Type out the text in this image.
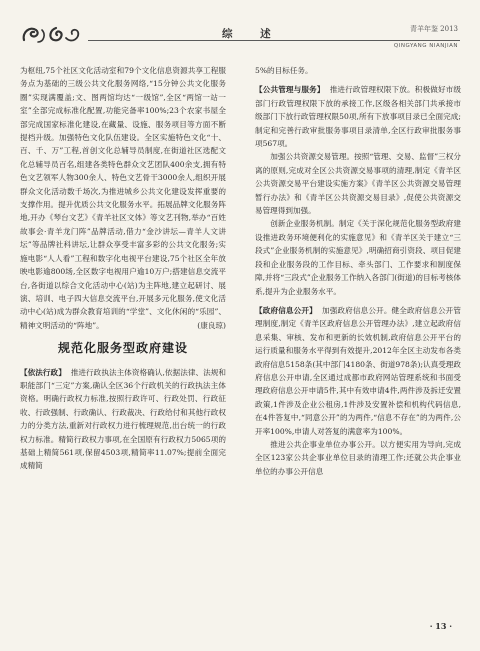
综 述	青羊年鉴 2013
QINGYANG NIANJIAN

为枢纽,75个社区文化活动室和79个文化信息资源共享工程服务点为基础的三级公共文化服务网络,“15分钟公共文化服务圈”实现满覆盖;文、图两馆均达“一级馆”,全区“两馆一站一室”全部完成标准化配置,功能完备率100%;23个农家书屋全部完成国家标准化建设,在藏量、设施、服务项目等方面不断提档升级。加强特色文化队伍建设。全区实施特色文化“十、百、千、万”工程,首创文化总辅导员制度,在街道社区选配文化总辅导员百名,组建各类特色群众文艺团队400余支,拥有特色文艺领军人物300余人、特色文艺骨干3000余人,组织开展群众文化活动数千场次,为推进城乡公共文化建设发挥重要的支撑作用。提升优质公共文化服务水平。拓展品牌文化服务阵地,开办《琴台文艺》《青羊社区文体》等文艺刊物,举办“百姓故事会·青羊龙门阵”品牌活动,借力“金沙讲坛—青羊人文讲坛”等品牌社科讲坛,让群众享受丰富多彩的公共文化服务;实施电影“人人看”工程和数字化电视平台建设,75个社区全年放映电影逾800场,全区数字电视用户逾10万户;搭建信息交流平台,各街道以综合文化活动中心(站)为主阵地,建立起研讨、展演、培训、电子四大信息交流平台,开展多元化服务,使文化活动中心(站)成为群众教育培训的“学堂”、文化休闲的“乐园”、精神文明活动的“阵地”。	(康良琼)

规范化服务型政府建设

【依法行政】 推进行政执法主体资格确认,依据法律、法规和职能部门“三定”方案,确认全区36个行政机关的行政执法主体资格。明确行政权力标准,按照行政许可、行政处罚、行政征收、行政强制、行政确认、行政裁决、行政给付和其他行政权力的分类方法,重新对行政权力进行梳理规范,出台统一的行政权力标准。精简行政权力事项,在全国原有行政权力5065项的基础上精简561项,保留4503项,精简率11.07%;提前全面完成精简

5%的目标任务。

【公共管理与服务】 推进行政管理权限下放。积极做好市级部门行政管理权限下放的承接工作,区级各相关部门共承接市级部门下放行政管理权限50项,所有下放事项目录已全面完成;制定和完善行政审批服务事项目录清单,全区行政审批服务事项567项。

加强公共资源交易管理。按照“管理、交易、监督”三权分离的原则,完成对全区公共资源交易事项的清理,制定《青羊区公共资源交易平台建设实施方案》《青羊区公共资源交易管理暂行办法》和《青羊区公共资源交易目录》,促使公共资源交易管理得到加强。

创新企业服务机制。制定《关于深化规范化服务型政府建设推进政务环境便利化的实施意见》和《青羊区关于建立“三段式”企业服务机制的实施意见》,明确招商引资段、项目促建段和企业服务段的工作目标、牵头部门、工作要求和制度保障,并将“三段式”企业服务工作纳入各部门(街道)的目标考核体系,提升为企业服务水平。

【政府信息公开】 加强政府信息公开。健全政府信息公开管理制度,制定《青羊区政府信息公开管理办法》,建立起政府信息采集、审核、发布和更新的长效机制,政府信息公开平台的运行质量和服务水平得到有效提升,2012年全区主动发布各类政府信息5158条(其中部门4180条、街道978条);认真受理政府信息公开申请,全区通过成都市政府网站管理系统和书面受理政府信息公开申请5件,其中有效申请4件,两件涉及拆迁安置政策,1件涉及企业公租房,1件涉及安置补偿和机构代码信息,在4件答复中,“同意公开”的为两件,“信息不存在”的为两件,公开率100%,申请人对答复的满意率为100%。

推进公共企事业单位办事公开。以方便实用为导向,完成全区123家公共企事业单位目录的清理工作;还就公共企事业单位的办事公开信息

· 13 ·
